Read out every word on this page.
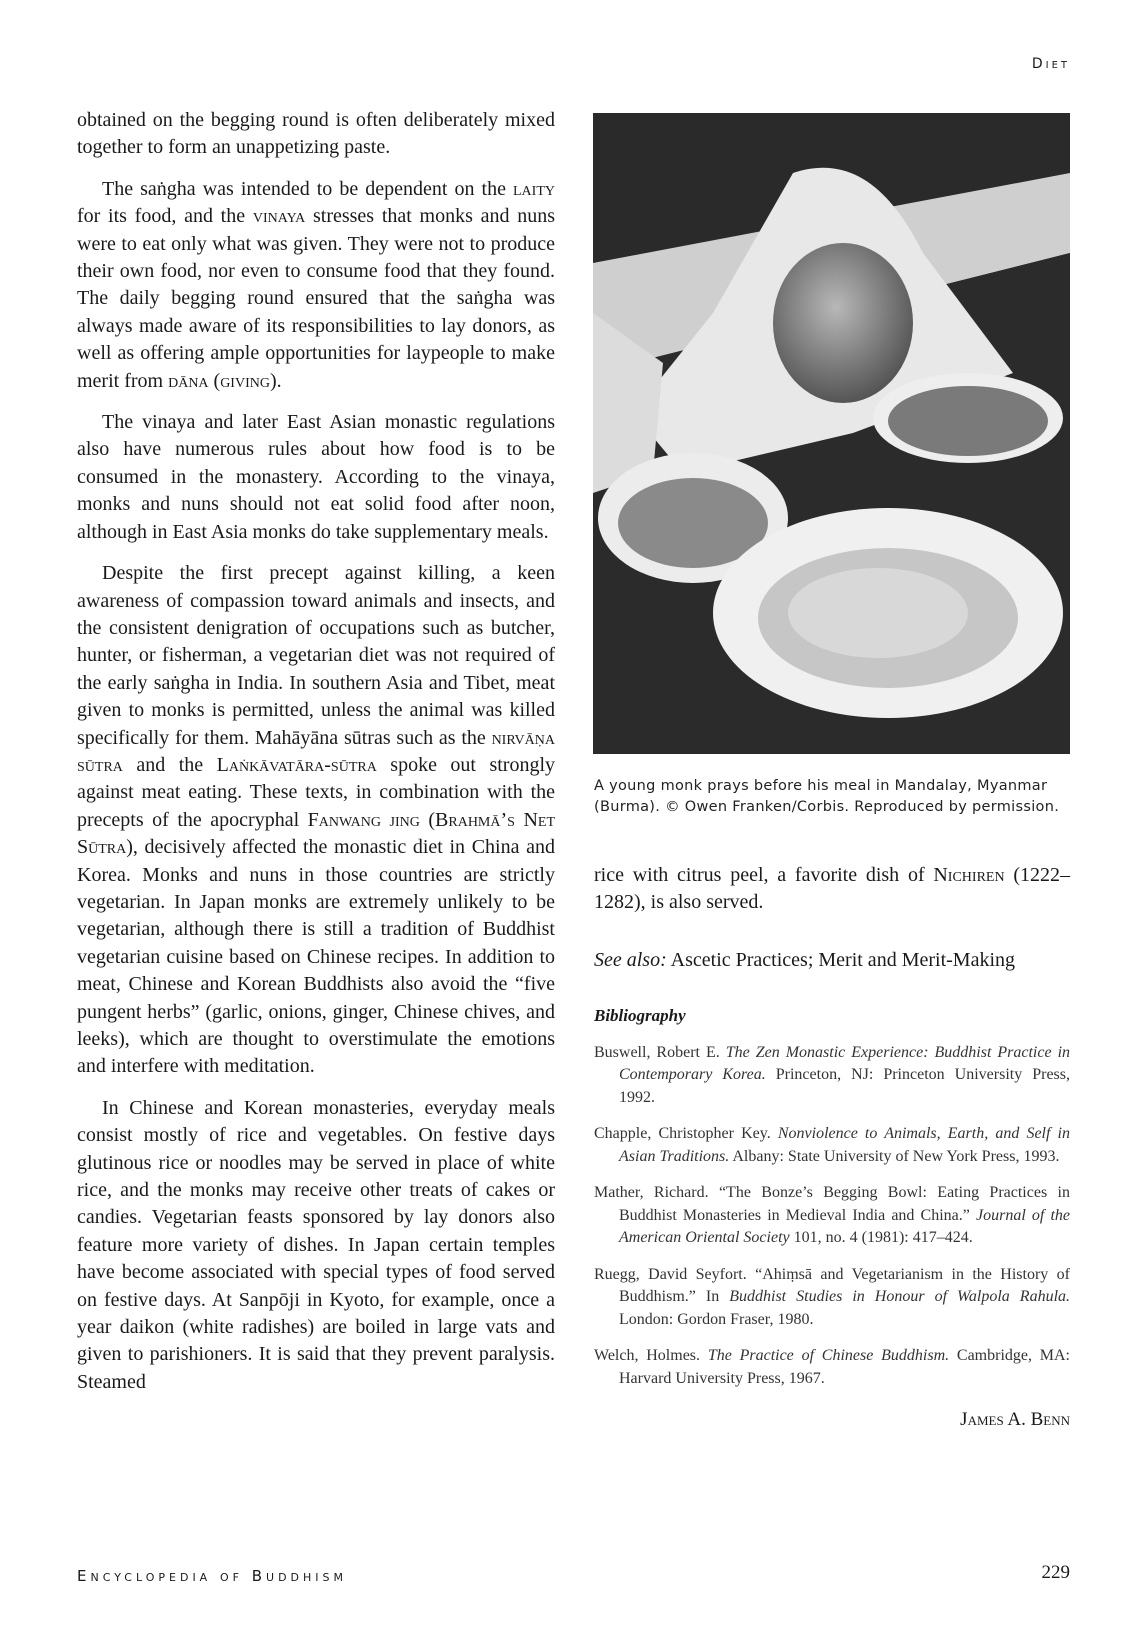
Diet

obtained on the begging round is often deliberately mixed together to form an unappetizing paste.

The saṅgha was intended to be dependent on the laity for its food, and the vinaya stresses that monks and nuns were to eat only what was given. They were not to produce their own food, nor even to consume food that they found. The daily begging round ensured that the saṅgha was always made aware of its responsibilities to lay donors, as well as offering ample opportunities for laypeople to make merit from dāna (giving).

The vinaya and later East Asian monastic regulations also have numerous rules about how food is to be consumed in the monastery. According to the vinaya, monks and nuns should not eat solid food after noon, although in East Asia monks do take supplementary meals.

Despite the first precept against killing, a keen awareness of compassion toward animals and insects, and the consistent denigration of occupations such as butcher, hunter, or fisherman, a vegetarian diet was not required of the early saṅgha in India. In southern Asia and Tibet, meat given to monks is permitted, unless the animal was killed specifically for them. Mahāyāna sūtras such as the nirvāṇa sūtra and the Laṅkāvatāra-sūtra spoke out strongly against meat eating. These texts, in combination with the precepts of the apocryphal Fanwang jing (Brahmā’s Net Sūtra), decisively affected the monastic diet in China and Korea. Monks and nuns in those countries are strictly vegetarian. In Japan monks are extremely unlikely to be vegetarian, although there is still a tradition of Buddhist vegetarian cuisine based on Chinese recipes. In addition to meat, Chinese and Korean Buddhists also avoid the “five pungent herbs” (garlic, onions, ginger, Chinese chives, and leeks), which are thought to overstimulate the emotions and interfere with meditation.

In Chinese and Korean monasteries, everyday meals consist mostly of rice and vegetables. On festive days glutinous rice or noodles may be served in place of white rice, and the monks may receive other treats of cakes or candies. Vegetarian feasts sponsored by lay donors also feature more variety of dishes. In Japan certain temples have become associated with special types of food served on festive days. At Sanpōji in Kyoto, for example, once a year daikon (white radishes) are boiled in large vats and given to parishioners. It is said that they prevent paralysis. Steamed

A young monk prays before his meal in Mandalay, Myanmar (Burma). © Owen Franken/Corbis. Reproduced by permission.

rice with citrus peel, a favorite dish of Nichiren (1222–1282), is also served.

See also: Ascetic Practices; Merit and Merit-Making

Bibliography

Buswell, Robert E. The Zen Monastic Experience: Buddhist Practice in Contemporary Korea. Princeton, NJ: Princeton University Press, 1992.

Chapple, Christopher Key. Nonviolence to Animals, Earth, and Self in Asian Traditions. Albany: State University of New York Press, 1993.

Mather, Richard. “The Bonze’s Begging Bowl: Eating Practices in Buddhist Monasteries in Medieval India and China.” Journal of the American Oriental Society 101, no. 4 (1981): 417–424.

Ruegg, David Seyfort. “Ahiṃsā and Vegetarianism in the History of Buddhism.” In Buddhist Studies in Honour of Walpola Rahula. London: Gordon Fraser, 1980.

Welch, Holmes. The Practice of Chinese Buddhism. Cambridge, MA: Harvard University Press, 1967.

James A. Benn
Encyclopedia of Buddhism	229
